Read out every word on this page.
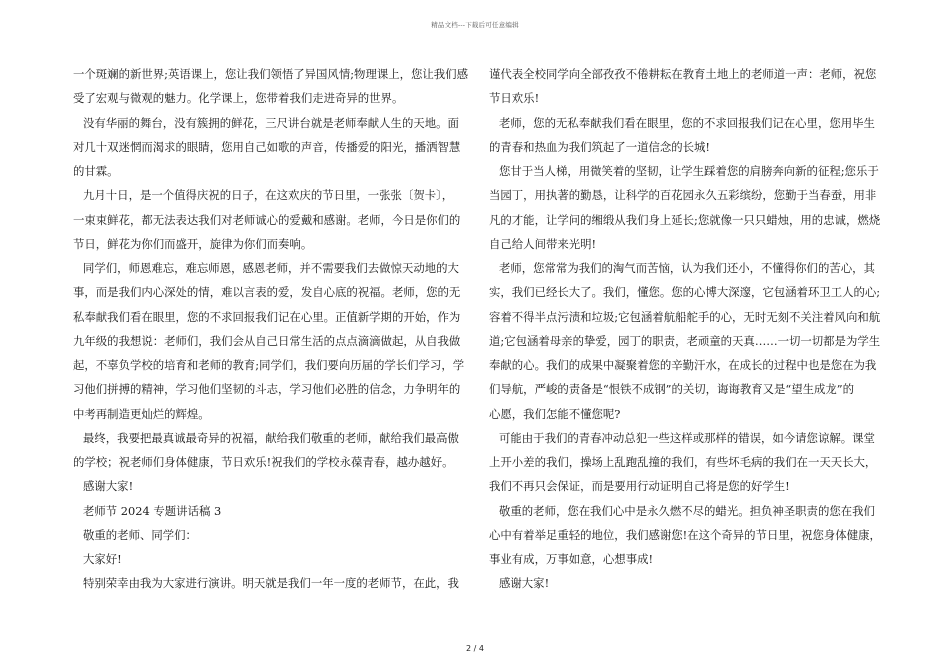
精品文档---下载后可任意编辑
一个斑斓的新世界;英语课上，您让我们领悟了异国风情;物理课上，您让我们感
受了宏观与微观的魅力。化学课上，您带着我们走进奇异的世界。
没有华丽的舞台，没有簇拥的鲜花，三尺讲台就是老师奉献人生的天地。面
对几十双迷惘而渴求的眼睛，您用自己如歌的声音，传播爱的阳光，播洒智慧
的甘霖。
九月十日，是一个值得庆祝的日子，在这欢庆的节日里，一张张〔贺卡〕，
一束束鲜花，都无法表达我们对老师诚心的爱戴和感谢。老师，今日是你们的
节日，鲜花为你们而盛开，旋律为你们而奏响。
同学们，师恩难忘，难忘师恩，感恩老师，并不需要我们去做惊天动地的大
事，而是我们内心深处的情，难以言表的爱，发自心底的祝福。老师，您的无
私奉献我们看在眼里，您的不求回报我们记在心里。正值新学期的开始，作为
九年级的我想说：老师们，我们会从自己日常生活的点点滴滴做起，从自我做
起，不辜负学校的培育和老师的教育;同学们，我们要向历届的学长们学习，学
习他们拼搏的精神，学习他们坚韧的斗志，学习他们必胜的信念，力争明年的
中考再制造更灿烂的辉煌。
最终，我要把最真诚最奇异的祝福，献给我们敬重的老师，献给我们最高傲
的学校；祝老师们身体健康，节日欢乐!祝我们的学校永葆青春，越办越好。
感谢大家!
老师节 2024 专题讲话稿 3
敬重的老师、同学们：
大家好!
特别荣幸由我为大家进行演讲。明天就是我们一年一度的老师节，在此，我
谨代表全校同学向全部孜孜不倦耕耘在教育土地上的老师道一声：老师，祝您
节日欢乐!
老师，您的无私奉献我们看在眼里，您的不求回报我们记在心里，您用毕生
的青春和热血为我们筑起了一道信念的长城!
您甘于当人梯，用微笑着的坚韧，让学生踩着您的肩膀奔向新的征程;您乐于
当园丁，用执著的勤恳，让科学的百花园永久五彩缤纷，您勤于当春蚕，用非
凡的才能，让学问的缃缎从我们身上延长;您就像一只只蜡烛，用的忠诚，燃烧
自己给人间带来光明!
老师，您常常为我们的淘气而苦恼，认为我们还小，不懂得你们的苦心，其
实，我们已经长大了。我们，懂您。您的心博大深邃，它包涵着环卫工人的心;
容着不得半点污渍和垃圾;它包涵着航船舵手的心，无时无刻不关注着风向和航
道;它包涵着母亲的挚爱，园丁的职责，老顽童的天真……一切一切都是为学生
奉献的心。我们的成果中凝聚着您的辛勤汗水，在成长的过程中也是您在为我
们导航，严峻的责备是“恨铁不成钢”的关切，诲诲教育又是“望生成龙”的
心愿，我们怎能不懂您呢?
可能由于我们的青春冲动总犯一些这样或那样的错误，如今请您谅解。课堂
上开小差的我们，操场上乱跑乱撞的我们，有些坏毛病的我们在一天天长大，
我们不再只会保证，而是要用行动证明自己将是您的好学生!
敬重的老师，您在我们心中是永久燃不尽的蜡光。担负神圣职责的您在我们
心中有着举足重轻的地位，我们感谢您!在这个奇异的节日里，祝您身体健康，
事业有成，万事如意，心想事成!
感谢大家!
2 / 4
